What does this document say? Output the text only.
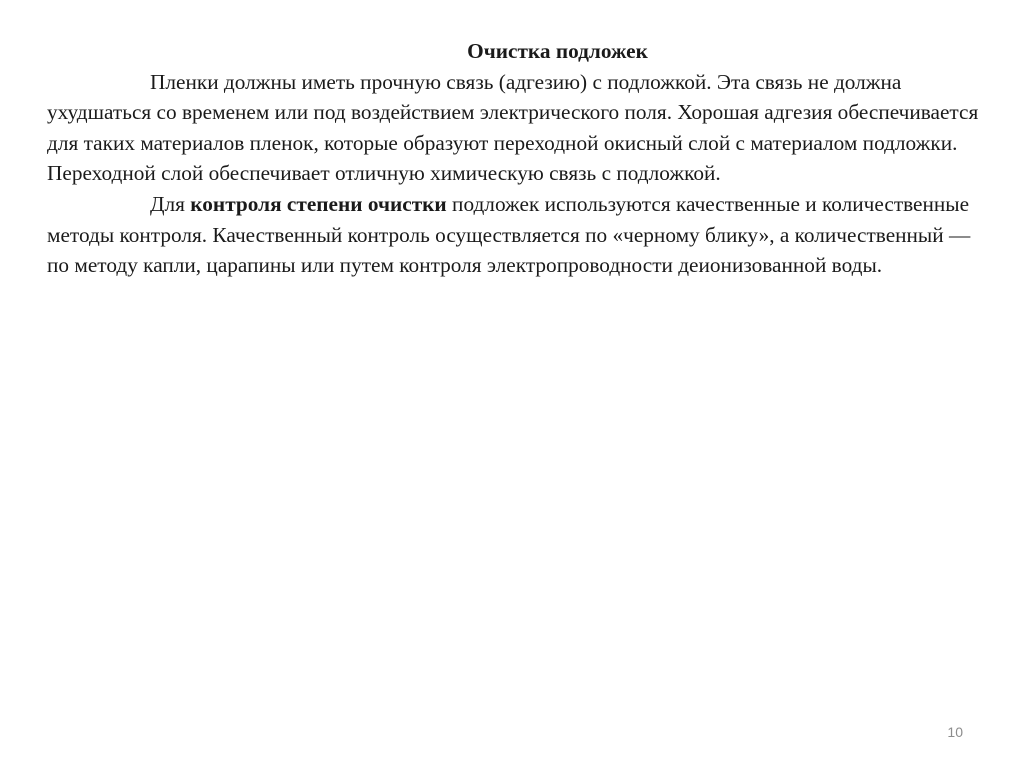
Очистка подложек

Пленки должны иметь прочную связь (адгезию) с подложкой. Эта связь не должна ухудшаться со временем или под воздействием электрического поля. Хорошая адгезия обеспечивается для таких материалов пленок, которые образуют переходной окисный слой с материалом подложки. Переходной слой обеспечивает отличную химическую связь с подложкой.

Для контроля степени очистки подложек используются качественные и количественные методы контроля. Качественный контроль осуществляется по «черному блику», а количественный — по методу капли, царапины или путем контроля электропроводности деионизованной воды.

10
